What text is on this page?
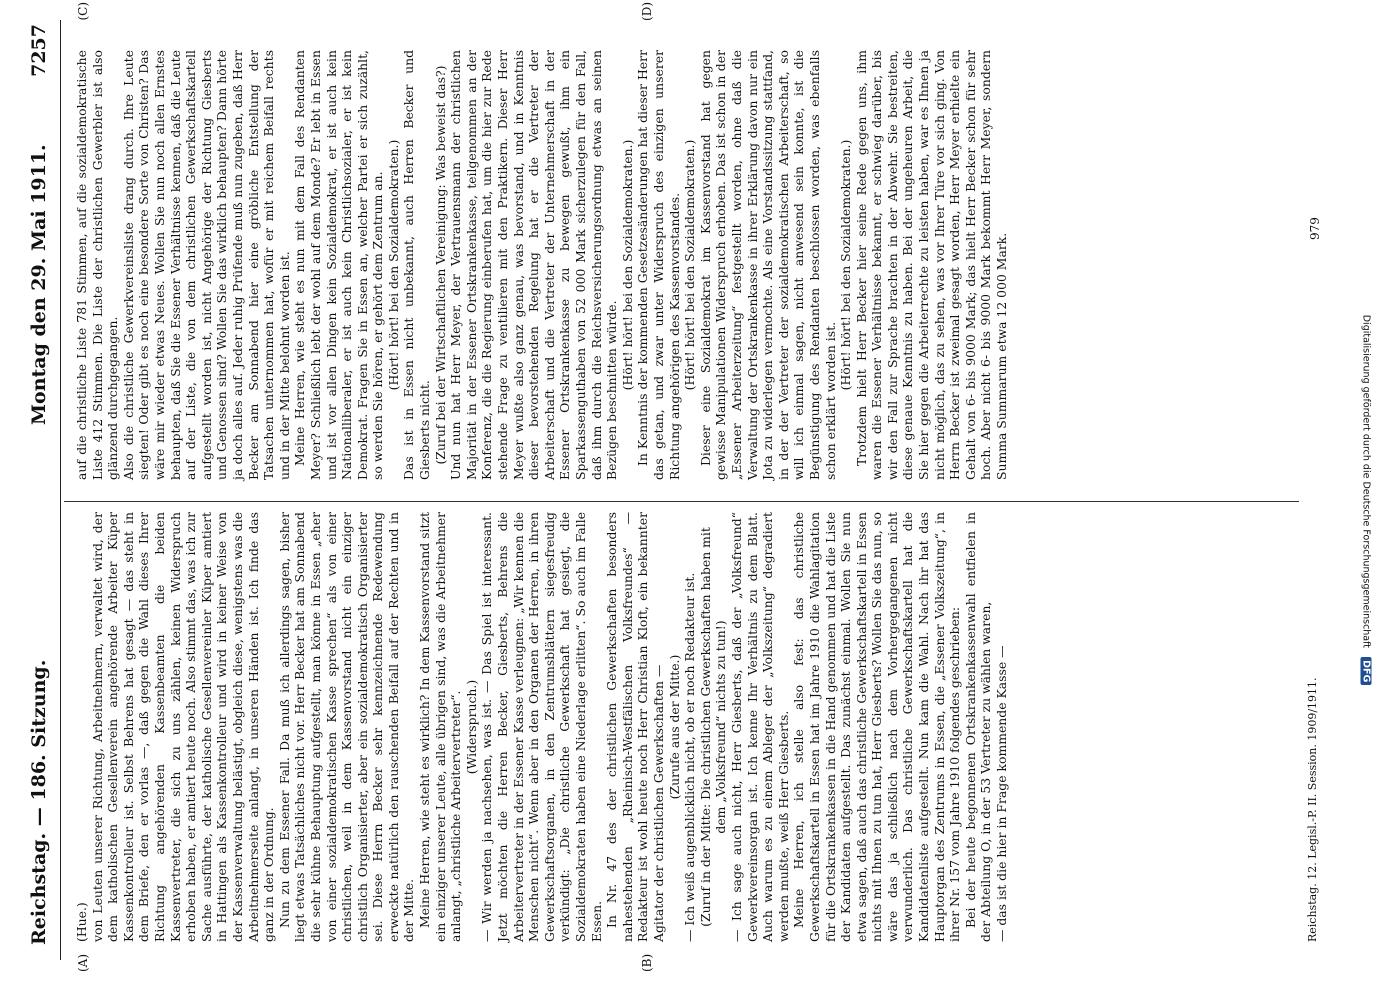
Reichstag. — 186. Sitzung.
Montag den 29. Mai 1911.
7257
(A)	(B)
(C)	(D)

(Hue.) von Leuten unserer Richtung, Arbeitnehmern, verwaltet wird, der dem katholischen Gesellenverein angehörende Arbeiter Küper Kassenkontrolleur ist. Selbst Behrens hat gesagt — das steht in dem Briefe, den er vorlas —, daß gegen die Wahl dieses Ihrer Richtung angehörenden Kassenbeamten die beiden Kassenvertreter, die sich zu uns zählen, keinen Widerspruch erhoben haben, er amtiert heute noch. Also stimmt das, was ich zur Sache ausführte, der katholische Gesellenvereinler Küper amtiert in Hattingen als Kassenkontrolleur und wird in keiner Weise von der Kassenverwaltung belästigt, obgleich diese, wenigstens was die Arbeitnehmerseite anlangt, in unseren Händen ist. Ich finde das ganz in der Ordnung. Nun zu dem Essener Fall. Da muß ich allerdings sagen, bisher liegt etwas Tatsächliches nicht vor. Herr Becker hat am Sonnabend die sehr kühne Behauptung aufgestellt, man könne in Essen „eher von einer sozialdemokratischen Kasse sprechen“ als von einer christlichen, weil in dem Kassenvorstand nicht ein einziger christlich Organisierter, aber ein sozialdemokratisch Organisierter sei. Diese Herrn Becker sehr kennzeichnende Redewendung erweckte natürlich den rauschenden Beifall auf der Rechten und in der Mitte. Meine Herren, wie steht es wirklich? In dem Kassenvorstand sitzt ein einziger unserer Leute, alle übrigen sind, was die Arbeitnehmer anlangt, „christliche Arbeitervertreter“. (Widerspruch.) — Wir werden ja nachsehen, was ist. — Das Spiel ist interessant. Jetzt möchten die Herren Becker, Giesberts, Behrens die Arbeitervertreter in der Essener Kasse verleugnen: „Wir kennen die Menschen nicht“. Wenn aber in den Organen der Herren, in ihren Gewerkschaftsorganen, in den Zentrumsblättern siegesfreudig verkündigt: „Die christliche Gewerkschaft hat gesiegt, die Sozialdemokraten haben eine Niederlage erlitten“. So auch im Falle Essen. In Nr. 47 des der christlichen Gewerkschaften besonders nahestehenden „Rheinisch-Westfälischen Volksfreundes“ — Redakteur ist wohl heute noch Herr Christian Kloft, ein bekannter Agitator der christlichen Gewerkschaften — (Zurufe aus der Mitte.) — Ich weiß augenblicklich nicht, ob er noch Redakteur ist. (Zuruf in der Mitte: Die christlichen Gewerkschaften haben mit dem „Volksfreund“ nichts zu tun!) — Ich sage auch nicht, Herr Giesberts, daß der „Volksfreund“ Gewerkvereinsorgan ist. Ich kenne Ihr Verhältnis zu dem Blatt. Auch warum es zu einem Ableger der „Volkszeitung“ degradiert werden mußte, weiß Herr Giesberts. Meine Herren, ich stelle also fest: das christliche Gewerkschaftskartell in Essen hat im Jahre 1910 die Wahlagitation für die Ortskrankenkassen in die Hand genommen und hat die Liste der Kandidaten aufgestellt. Das zunächst einmal. Wollen Sie nun etwa sagen, daß auch das christliche Gewerkschaftskartell in Essen nichts mit Ihnen zu tun hat, Herr Giesberts? Wollen Sie das nun, so wäre das ja schließlich nach dem Vorhergegangenen nicht verwunderlich. Das christliche Gewerkschaftskartell hat die Kandidatenliste aufgestellt. Nun kam die Wahl. Nach ihr hat das Hauptorgan des Zentrums in Essen, die „Essener Volkszeitung“, in ihrer Nr. 157 vom Jahre 1910 folgendes geschrieben: Bei der heute begonnenen Ortskrankenkassenwahl entfielen in der Abteilung O, in der 53 Vertreter zu wählen waren, — das ist die hier in Frage kommende Kasse —

auf die christliche Liste 781 Stimmen, auf die sozialdemokratische Liste 412 Stimmen. Die Liste der christlichen Gewerbler ist also glänzend durchgegangen. Also die christliche Gewerkvereinsliste drang durch. Ihre Leute siegten! Oder gibt es noch eine besondere Sorte von Christen? Das wäre mir wieder etwas Neues. Wollen Sie nun noch allen Ernstes behaupten, daß Sie die Essener Verhältnisse kennen, daß die Leute auf der Liste, die von dem christlichen Gewerkschaftskartell aufgestellt worden ist, nicht Angehörige der Richtung Giesberts und Genossen sind? Wollen Sie das wirklich behaupten? Dann hörte ja doch alles auf. Jeder ruhig Prüfende muß nun zugeben, daß Herr Becker am Sonnabend hier eine gröbliche Entstellung der Tatsachen unternommen hat, wofür er mit reichem Beifall rechts und in der Mitte belohnt worden ist. Meine Herren, wie steht es nun mit dem Fall des Rendanten Meyer? Schließlich lebt der wohl auf dem Monde? Er lebt in Essen und ist vor allen Dingen kein Sozialdemokrat, er ist auch kein Nationalliberaler, er ist auch kein Christlichsozialer, er ist kein Demokrat. Fragen Sie in Essen an, welcher Partei er sich zuzählt, so werden Sie hören, er gehört dem Zentrum an. (Hört! hört! bei den Sozialdemokraten.) Das ist in Essen nicht unbekannt, auch Herren Becker und Giesberts nicht. (Zuruf bei der Wirtschaftlichen Vereinigung: Was beweist das?) Und nun hat Herr Meyer, der Vertrauensmann der christlichen Majorität in der Essener Ortskrankenkasse, teilgenommen an der Konferenz, die die Regierung einberufen hat, um die hier zur Rede stehende Frage zu ventilieren mit den Praktikern. Dieser Herr Meyer wußte also ganz genau, was bevorstand, und in Kenntnis dieser bevorstehenden Regelung hat er die Vertreter der Arbeiterschaft und die Vertreter der Unternehmerschaft in der Essener Ortskrankenkasse zu bewegen gewußt, ihm ein Sparkassenguthaben von 52 000 Mark sicherzulegen für den Fall, daß ihm durch die Reichsversicherungsordnung etwas an seinen Bezügen beschnitten würde. (Hört! hört! bei den Sozialdemokraten.) In Kenntnis der kommenden Gesetzesänderungen hat dieser Herr das getan, und zwar unter Widerspruch des einzigen unserer Richtung angehörigen des Kassenvorstandes. (Hört! hört! bei den Sozialdemokraten.) Dieser eine Sozialdemokrat im Kassenvorstand hat gegen gewisse Manipulationen Widerspruch erhoben. Das ist schon in der „Essener Arbeiterzeitung“ festgestellt worden, ohne daß die Verwaltung der Ortskrankenkasse in ihrer Erklärung davon nur ein Jota zu widerlegen vermochte. Als eine Vorstandssitzung stattfand, in der der Vertreter der sozialdemokratischen Arbeiterschaft, so will ich einmal sagen, nicht anwesend sein konnte, ist die Begünstigung des Rendanten beschlossen worden, was ebenfalls schon erklärt worden ist.

(Hört! hört! bei den Sozialdemokraten.) Trotzdem hielt Herr Becker hier seine Rede gegen uns, ihm waren die Essener Verhältnisse bekannt, er schwieg darüber, bis wir den Fall zur Sprache brachten in der Abwehr. Sie bestreiten, diese genaue Kenntnis zu haben. Bei der ungeheuren Arbeit, die Sie hier gegen die Arbeiterrechte zu leisten haben, war es Ihnen ja nicht möglich, das zu sehen, was vor Ihrer Türe vor sich ging. Von Herrn Becker ist zweimal gesagt worden, Herr Meyer erhielte ein Gehalt von 6- bis 9000 Mark; das hielt Herr Becker schon für sehr hoch. Aber nicht 6- bis 9000 Mark bekommt Herr Meyer, sondern Summa Summarum etwa 12 000 Mark.

Reichstag. 12. Legisl.-P. II. Session. 1909/1911.
979
Digitalisierung gefördert durch die Deutsche Forschungsgemeinschaft DFG
